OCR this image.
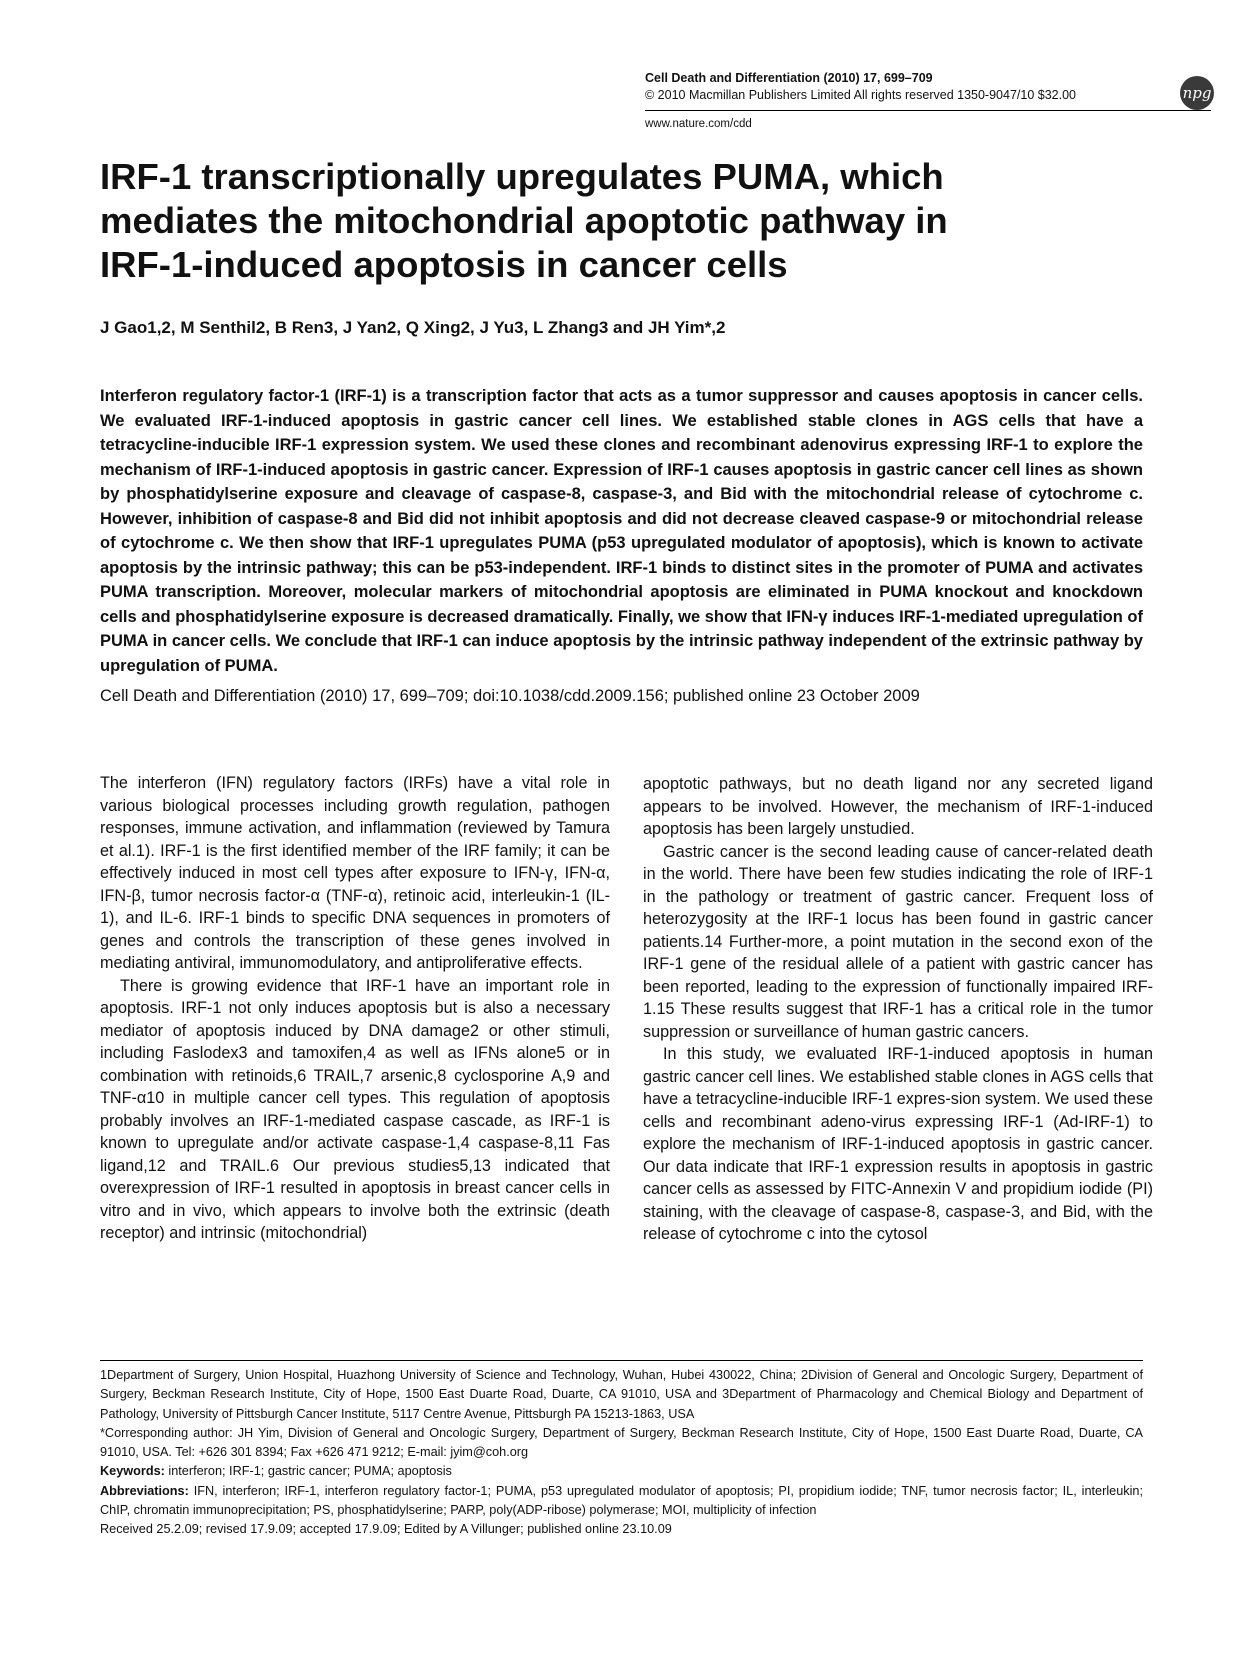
Cell Death and Differentiation (2010) 17, 699–709
© 2010 Macmillan Publishers Limited All rights reserved 1350-9047/10 $32.00
www.nature.com/cdd
npg
IRF-1 transcriptionally upregulates PUMA, which
mediates the mitochondrial apoptotic pathway in
IRF-1-induced apoptosis in cancer cells
J Gao1,2, M Senthil2, B Ren3, J Yan2, Q Xing2, J Yu3, L Zhang3 and JH Yim*,2

Interferon regulatory factor-1 (IRF-1) is a transcription factor that acts as a tumor suppressor and causes apoptosis in cancer cells. We evaluated IRF-1-induced apoptosis in gastric cancer cell lines. We established stable clones in AGS cells that have a tetracycline-inducible IRF-1 expression system. We used these clones and recombinant adenovirus expressing IRF-1 to explore the mechanism of IRF-1-induced apoptosis in gastric cancer. Expression of IRF-1 causes apoptosis in gastric cancer cell lines as shown by phosphatidylserine exposure and cleavage of caspase-8, caspase-3, and Bid with the mitochondrial release of cytochrome c. However, inhibition of caspase-8 and Bid did not inhibit apoptosis and did not decrease cleaved caspase-9 or mitochondrial release of cytochrome c. We then show that IRF-1 upregulates PUMA (p53 upregulated modulator of apoptosis), which is known to activate apoptosis by the intrinsic pathway; this can be p53-independent. IRF-1 binds to distinct sites in the promoter of PUMA and activates PUMA transcription. Moreover, molecular markers of mitochondrial apoptosis are eliminated in PUMA knockout and knockdown cells and phosphatidylserine exposure is decreased dramatically. Finally, we show that IFN-γ induces IRF-1-mediated upregulation of PUMA in cancer cells. We conclude that IRF-1 can induce apoptosis by the intrinsic pathway independent of the extrinsic pathway by upregulation of PUMA.

Cell Death and Differentiation (2010) 17, 699–709; doi:10.1038/cdd.2009.156; published online 23 October 2009

The interferon (IFN) regulatory factors (IRFs) have a vital role in various biological processes including growth regulation, pathogen responses, immune activation, and inflammation (reviewed by Tamura et al.1). IRF-1 is the first identified member of the IRF family; it can be effectively induced in most cell types after exposure to IFN-γ, IFN-α, IFN-β, tumor necrosis factor-α (TNF-α), retinoic acid, interleukin-1 (IL-1), and IL-6. IRF-1 binds to specific DNA sequences in promoters of genes and controls the transcription of these genes involved in mediating antiviral, immunomodulatory, and antiproliferative effects.

There is growing evidence that IRF-1 have an important role in apoptosis. IRF-1 not only induces apoptosis but is also a necessary mediator of apoptosis induced by DNA damage2 or other stimuli, including Faslodex3 and tamoxifen,4 as well as IFNs alone5 or in combination with retinoids,6 TRAIL,7 arsenic,8 cyclosporine A,9 and TNF-α10 in multiple cancer cell types. This regulation of apoptosis probably involves an IRF-1-mediated caspase cascade, as IRF-1 is known to upregulate and/or activate caspase-1,4 caspase-8,11 Fas ligand,12 and TRAIL.6 Our previous studies5,13 indicated that overexpression of IRF-1 resulted in apoptosis in breast cancer cells in vitro and in vivo, which appears to involve both the extrinsic (death receptor) and intrinsic (mitochondrial)

apoptotic pathways, but no death ligand nor any secreted ligand appears to be involved. However, the mechanism of IRF-1-induced apoptosis has been largely unstudied.

Gastric cancer is the second leading cause of cancer-related death in the world. There have been few studies indicating the role of IRF-1 in the pathology or treatment of gastric cancer. Frequent loss of heterozygosity at the IRF-1 locus has been found in gastric cancer patients.14 Further-more, a point mutation in the second exon of the IRF-1 gene of the residual allele of a patient with gastric cancer has been reported, leading to the expression of functionally impaired IRF-1.15 These results suggest that IRF-1 has a critical role in the tumor suppression or surveillance of human gastric cancers.

In this study, we evaluated IRF-1-induced apoptosis in human gastric cancer cell lines. We established stable clones in AGS cells that have a tetracycline-inducible IRF-1 expres-sion system. We used these cells and recombinant adeno-virus expressing IRF-1 (Ad-IRF-1) to explore the mechanism of IRF-1-induced apoptosis in gastric cancer. Our data indicate that IRF-1 expression results in apoptosis in gastric cancer cells as assessed by FITC-Annexin V and propidium iodide (PI) staining, with the cleavage of caspase-8, caspase-3, and Bid, with the release of cytochrome c into the cytosol

1Department of Surgery, Union Hospital, Huazhong University of Science and Technology, Wuhan, Hubei 430022, China; 2Division of General and Oncologic Surgery, Department of Surgery, Beckman Research Institute, City of Hope, 1500 East Duarte Road, Duarte, CA 91010, USA and 3Department of Pharmacology and Chemical Biology and Department of Pathology, University of Pittsburgh Cancer Institute, 5117 Centre Avenue, Pittsburgh PA 15213-1863, USA

*Corresponding author: JH Yim, Division of General and Oncologic Surgery, Department of Surgery, Beckman Research Institute, City of Hope, 1500 East Duarte Road, Duarte, CA 91010, USA. Tel: +626 301 8394; Fax +626 471 9212; E-mail: jyim@coh.org

Keywords: interferon; IRF-1; gastric cancer; PUMA; apoptosis

Abbreviations: IFN, interferon; IRF-1, interferon regulatory factor-1; PUMA, p53 upregulated modulator of apoptosis; PI, propidium iodide; TNF, tumor necrosis factor; IL, interleukin; ChIP, chromatin immunoprecipitation; PS, phosphatidylserine; PARP, poly(ADP-ribose) polymerase; MOI, multiplicity of infection

Received 25.2.09; revised 17.9.09; accepted 17.9.09; Edited by A Villunger; published online 23.10.09
